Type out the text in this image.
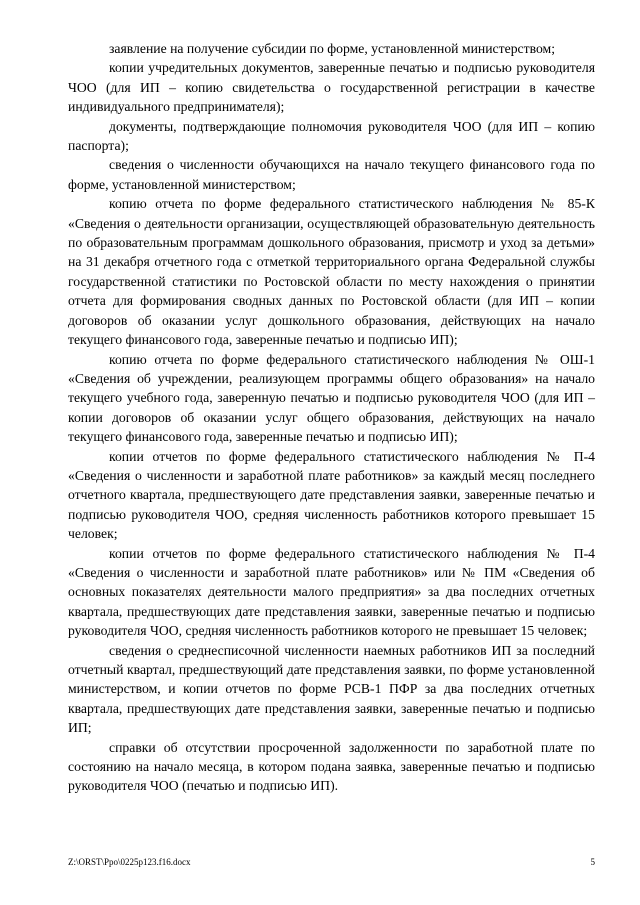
заявление на получение субсидии по форме, установленной министерством;

копии учредительных документов, заверенные печатью и подписью руководителя ЧОО (для ИП – копию свидетельства о государственной регистрации в качестве индивидуального предпринимателя);

документы, подтверждающие полномочия руководителя ЧОО (для ИП – копию паспорта);

сведения о численности обучающихся на начало текущего финансового года по форме, установленной министерством;

копию отчета по форме федерального статистического наблюдения № 85-К «Сведения о деятельности организации, осуществляющей образовательную деятельность по образовательным программам дошкольного образования, присмотр и уход за детьми» на 31 декабря отчетного года с отметкой территориального органа Федеральной службы государственной статистики по Ростовской области по месту нахождения о принятии отчета для формирования сводных данных по Ростовской области (для ИП – копии договоров об оказании услуг дошкольного образования, действующих на начало текущего финансового года, заверенные печатью и подписью ИП);

копию отчета по форме федерального статистического наблюдения № ОШ-1 «Сведения об учреждении, реализующем программы общего образования» на начало текущего учебного года, заверенную печатью и подписью руководителя ЧОО (для ИП – копии договоров об оказании услуг общего образования, действующих на начало текущего финансового года, заверенные печатью и подписью ИП);

копии отчетов по форме федерального статистического наблюдения № П-4 «Сведения о численности и заработной плате работников» за каждый месяц последнего отчетного квартала, предшествующего дате представления заявки, заверенные печатью и подписью руководителя ЧОО, средняя численность работников которого превышает 15 человек;

копии отчетов по форме федерального статистического наблюдения № П-4 «Сведения о численности и заработной плате работников» или № ПМ «Сведения об основных показателях деятельности малого предприятия» за два последних отчетных квартала, предшествующих дате представления заявки, заверенные печатью и подписью руководителя ЧОО, средняя численность работников которого не превышает 15 человек;

сведения о среднесписочной численности наемных работников ИП за последний отчетный квартал, предшествующий дате представления заявки, по форме установленной министерством, и копии отчетов по форме РСВ-1 ПФР за два последних отчетных квартала, предшествующих дате представления заявки, заверенные печатью и подписью ИП;

справки об отсутствии просроченной задолженности по заработной плате по состоянию на начало месяца, в котором подана заявка, заверенные печатью и подписью руководителя ЧОО (печатью и подписью ИП).

Z:\ORST\Ppo\0225p123.f16.docx	5
